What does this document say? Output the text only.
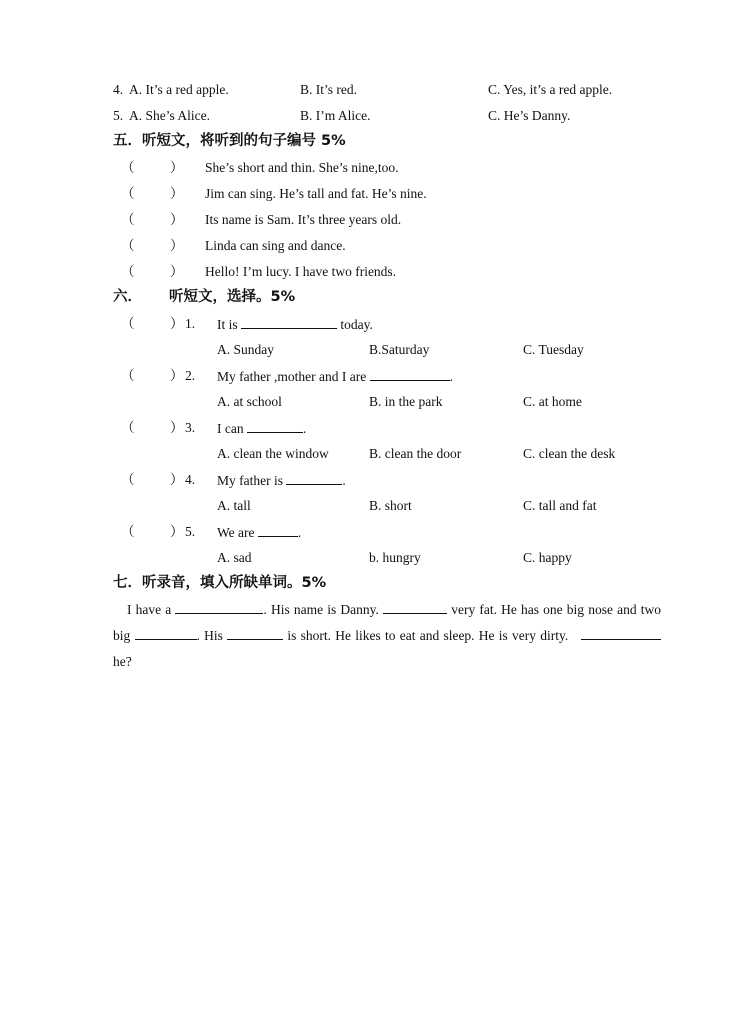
4. A. It’s a red apple.	B. It’s red.	C. Yes, it’s a red apple.
5. A. She’s Alice.	B. I’m Alice.	C. He’s Danny.
五．听短文，将听到的句子编号 5%
（	） She’s short and thin. She’s nine,too.
（	） Jim can sing. He’s tall and fat. He’s nine.
（	） Its name is Sam. It’s three years old.
（	） Linda can sing and dance.
（	） Hello! I’m lucy. I have two friends.
六． 听短文，选择。5%
（	） 1. It is	today.
A. Sunday	B.Saturday	C. Tuesday
（	） 2. My father ,mother and I are	.
A. at school	B. in the park	C. at home
（	） 3. I can	.
A. clean the window	B. clean the door	C. clean the desk
（	） 4. My father is	.
A. tall	B. short	C. tall and fat
（	） 5. We are	.
A. sad	b. hungry	C. happy
七．听录音，填入所缺单词。5%
I have a	. His name is Danny.	very fat. He has one big nose and two big	. His	is short. He likes to eat and sleep. He is very dirty.    he?
